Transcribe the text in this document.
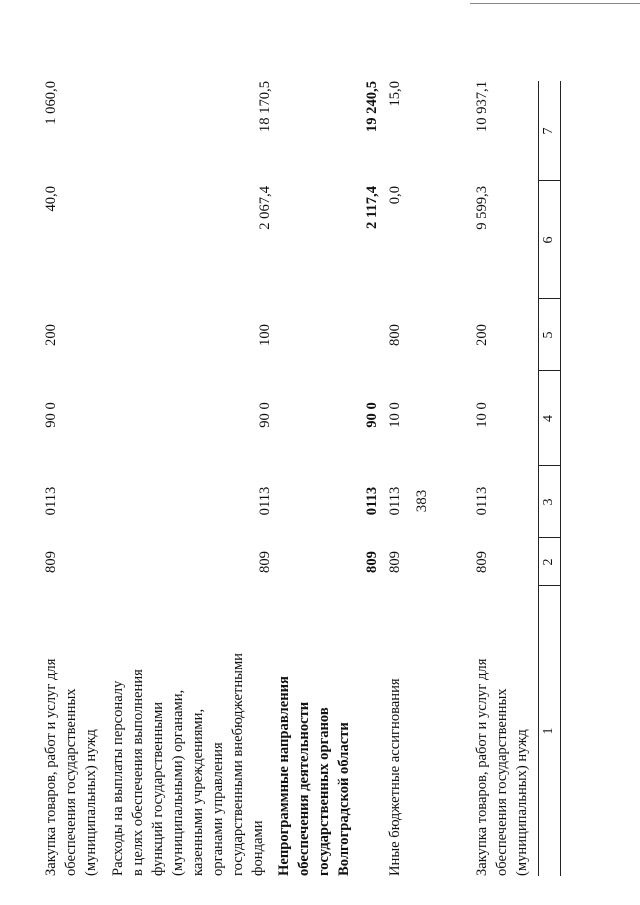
383
1
2
3
4
5
6
7
Закупка товаров, работ и услуг для обеспечения государственных (муниципальных) нужд
809
0113
10 0
200
9 599,3
10 937,1
Иные бюджетные ассигнования
809
0113
10 0
800
0,0
15,0
Непрограммные направления обеспечения деятельности государственных органов Волгоградской области
809
0113
90 0
2 117,4
19 240,5
Расходы на выплаты персоналу в целях обеспечения выполнения функций государственными (муниципальными) органами, казенными учреждениями, органами управления государственными внебюджетными фондами
809
0113
90 0
100
2 067,4
18 170,5
Закупка товаров, работ и услуг для обеспечения государственных (муниципальных) нужд
809
0113
90 0
200
40,0
1 060,0
